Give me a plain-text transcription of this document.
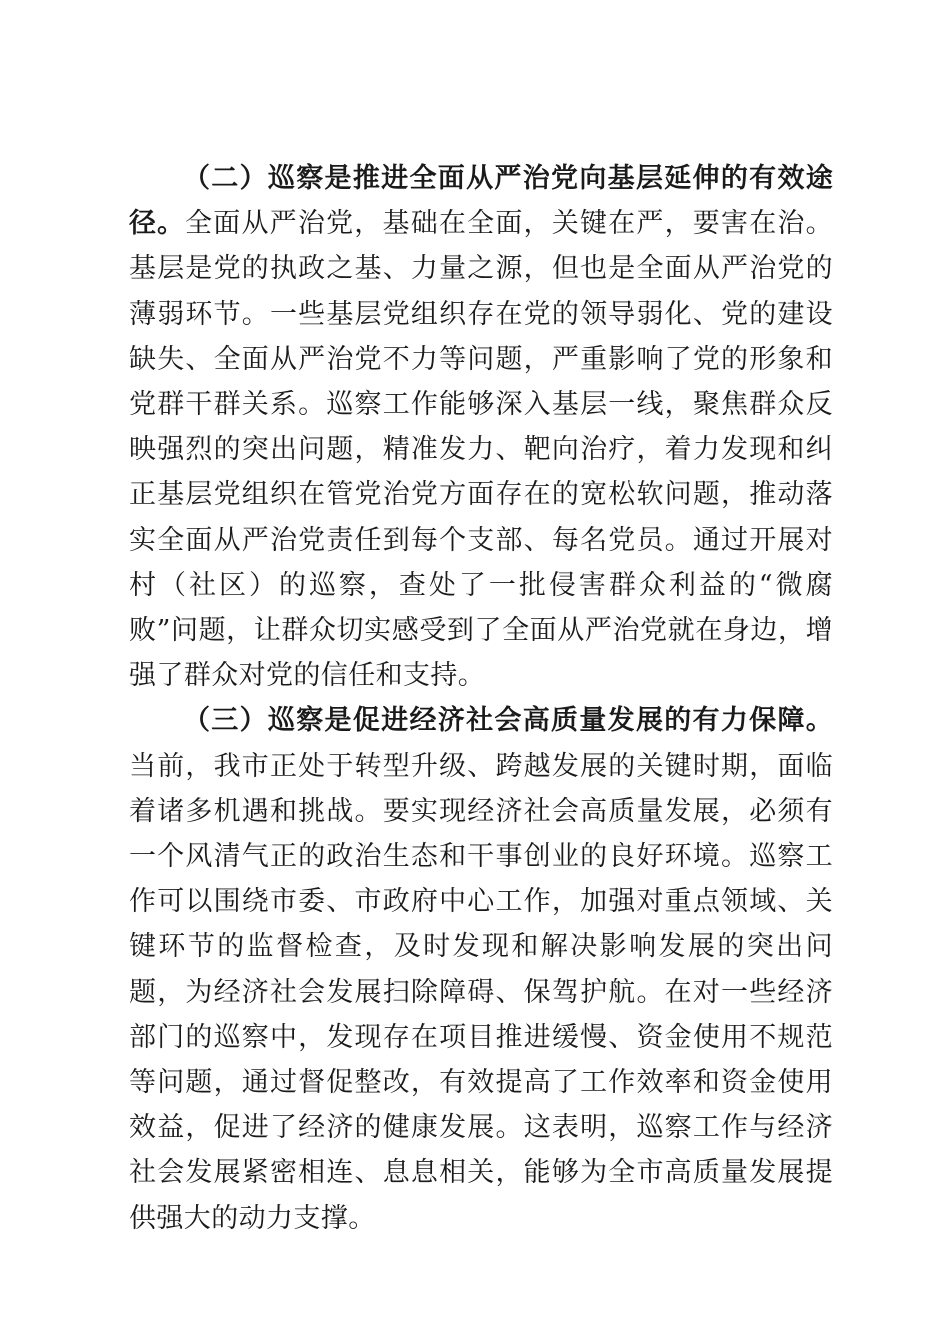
（二）巡察是推进全面从严治党向基层延伸的有效途径。全面从严治党，基础在全面，关键在严，要害在治。基层是党的执政之基、力量之源，但也是全面从严治党的薄弱环节。一些基层党组织存在党的领导弱化、党的建设缺失、全面从严治党不力等问题，严重影响了党的形象和党群干群关系。巡察工作能够深入基层一线，聚焦群众反映强烈的突出问题，精准发力、靶向治疗，着力发现和纠正基层党组织在管党治党方面存在的宽松软问题，推动落实全面从严治党责任到每个支部、每名党员。通过开展对村（社区）的巡察，查处了一批侵害群众利益的“微腐败”问题，让群众切实感受到了全面从严治党就在身边，增强了群众对党的信任和支持。

（三）巡察是促进经济社会高质量发展的有力保障。当前，我市正处于转型升级、跨越发展的关键时期，面临着诸多机遇和挑战。要实现经济社会高质量发展，必须有一个风清气正的政治生态和干事创业的良好环境。巡察工作可以围绕市委、市政府中心工作，加强对重点领域、关键环节的监督检查，及时发现和解决影响发展的突出问题，为经济社会发展扫除障碍、保驾护航。在对一些经济部门的巡察中，发现存在项目推进缓慢、资金使用不规范等问题，通过督促整改，有效提高了工作效率和资金使用效益，促进了经济的健康发展。这表明，巡察工作与经济社会发展紧密相连、息息相关，能够为全市高质量发展提供强大的动力支撑。
